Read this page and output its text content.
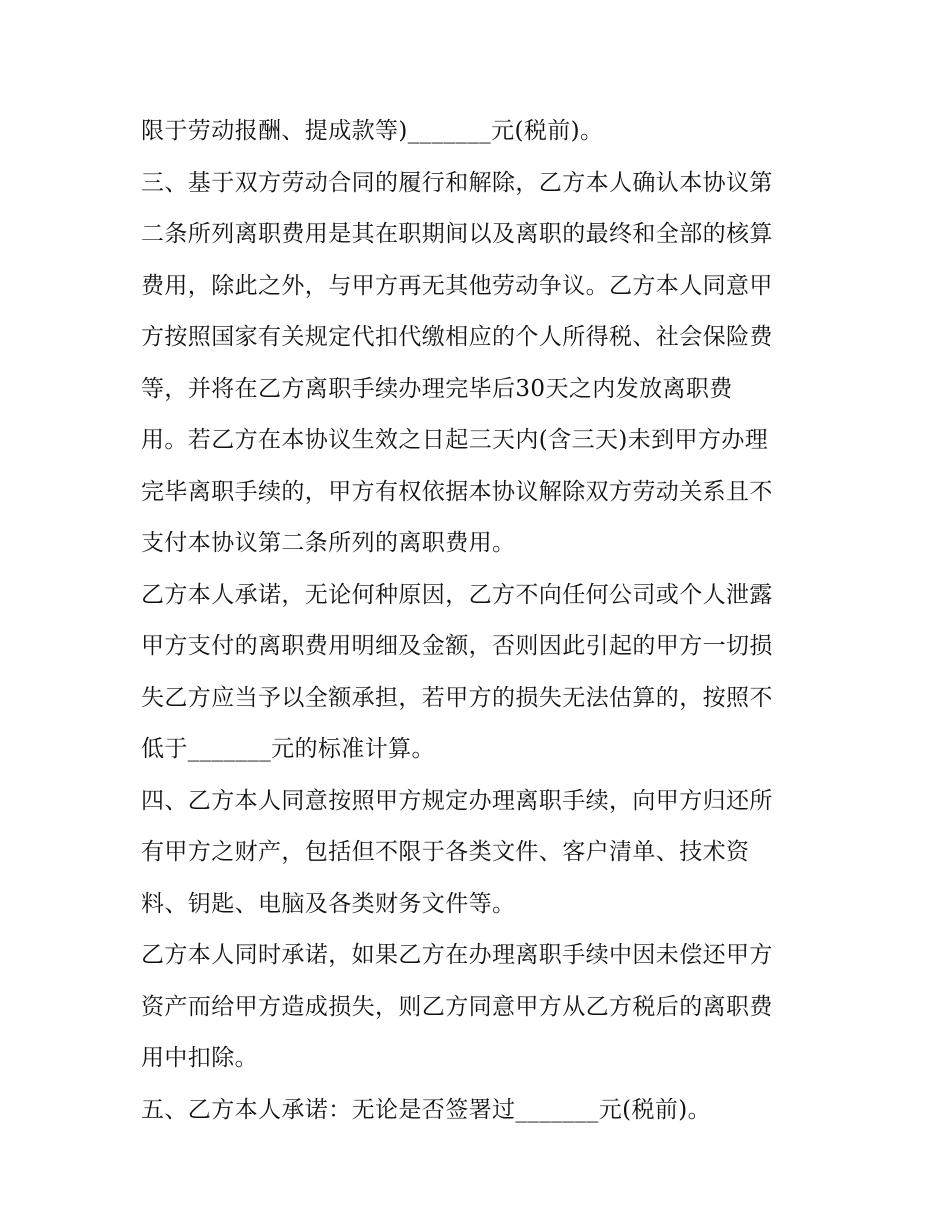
限于劳动报酬、提成款等)_______元(税前)。
三、基于双方劳动合同的履行和解除，乙方本人确认本协议第
二条所列离职费用是其在职期间以及离职的最终和全部的核算
费用，除此之外，与甲方再无其他劳动争议。乙方本人同意甲
方按照国家有关规定代扣代缴相应的个人所得税、社会保险费
等，并将在乙方离职手续办理完毕后30天之内发放离职费
用。若乙方在本协议生效之日起三天内(含三天)未到甲方办理
完毕离职手续的，甲方有权依据本协议解除双方劳动关系且不
支付本协议第二条所列的离职费用。
乙方本人承诺，无论何种原因，乙方不向任何公司或个人泄露
甲方支付的离职费用明细及金额，否则因此引起的甲方一切损
失乙方应当予以全额承担，若甲方的损失无法估算的，按照不
低于_______元的标准计算。
四、乙方本人同意按照甲方规定办理离职手续，向甲方归还所
有甲方之财产，包括但不限于各类文件、客户清单、技术资
料、钥匙、电脑及各类财务文件等。
乙方本人同时承诺，如果乙方在办理离职手续中因未偿还甲方
资产而给甲方造成损失，则乙方同意甲方从乙方税后的离职费
用中扣除。
五、乙方本人承诺：无论是否签署过_______元(税前)。
